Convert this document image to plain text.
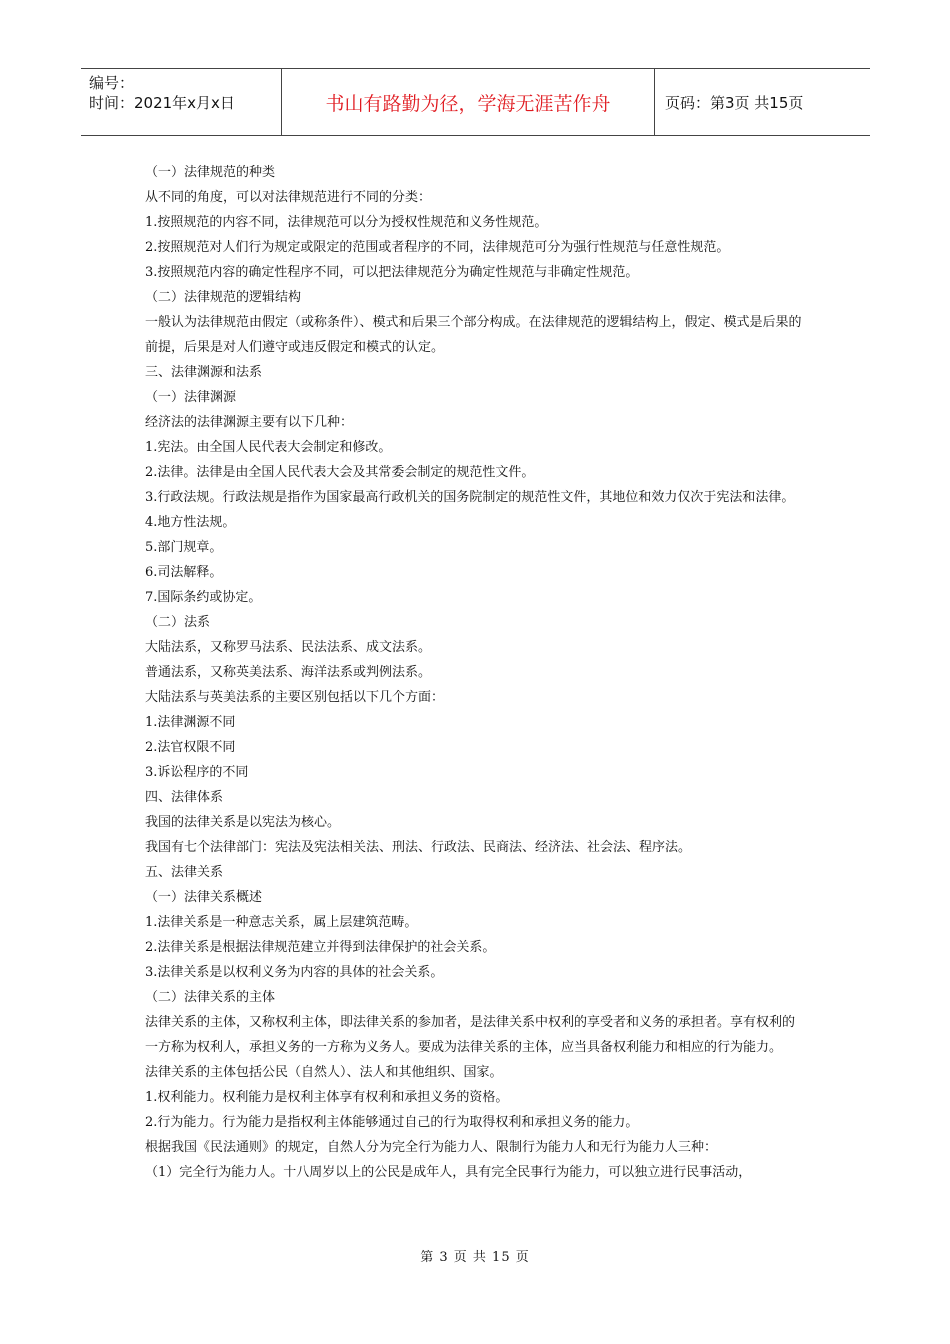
编号：
时间：2021年x月x日	书山有路勤为径，学海无涯苦作舟	页码：第3页 共15页

（一）法律规范的种类

从不同的角度，可以对法律规范进行不同的分类：

1.按照规范的内容不同，法律规范可以分为授权性规范和义务性规范。

2.按照规范对人们行为规定或限定的范围或者程序的不同，法律规范可分为强行性规范与任意性规范。

3.按照规范内容的确定性程序不同，可以把法律规范分为确定性规范与非确定性规范。

（二）法律规范的逻辑结构

一般认为法律规范由假定（或称条件）、模式和后果三个部分构成。在法律规范的逻辑结构上，假定、模式是后果的前提，后果是对人们遵守或违反假定和模式的认定。

三、法律渊源和法系

（一）法律渊源

经济法的法律渊源主要有以下几种：

1.宪法。由全国人民代表大会制定和修改。

2.法律。法律是由全国人民代表大会及其常委会制定的规范性文件。

3.行政法规。行政法规是指作为国家最高行政机关的国务院制定的规范性文件，其地位和效力仅次于宪法和法律。

4.地方性法规。

5.部门规章。

6.司法解释。

7.国际条约或协定。

（二）法系

大陆法系，又称罗马法系、民法法系、成文法系。

普通法系，又称英美法系、海洋法系或判例法系。

大陆法系与英美法系的主要区别包括以下几个方面：

1.法律渊源不同

2.法官权限不同

3.诉讼程序的不同

四、法律体系

我国的法律关系是以宪法为核心。

我国有七个法律部门：宪法及宪法相关法、刑法、行政法、民商法、经济法、社会法、程序法。

五、法律关系

（一）法律关系概述

1.法律关系是一种意志关系，属上层建筑范畴。

2.法律关系是根据法律规范建立并得到法律保护的社会关系。

3.法律关系是以权利义务为内容的具体的社会关系。

（二）法律关系的主体

法律关系的主体，又称权利主体，即法律关系的参加者，是法律关系中权利的享受者和义务的承担者。享有权利的一方称为权利人，承担义务的一方称为义务人。要成为法律关系的主体，应当具备权利能力和相应的行为能力。

法律关系的主体包括公民（自然人）、法人和其他组织、国家。

1.权利能力。权利能力是权利主体享有权利和承担义务的资格。

2.行为能力。行为能力是指权利主体能够通过自己的行为取得权利和承担义务的能力。

根据我国《民法通则》的规定，自然人分为完全行为能力人、限制行为能力人和无行为能力人三种：

（1）完全行为能力人。十八周岁以上的公民是成年人，具有完全民事行为能力，可以独立进行民事活动，

第 3 页 共 15 页
